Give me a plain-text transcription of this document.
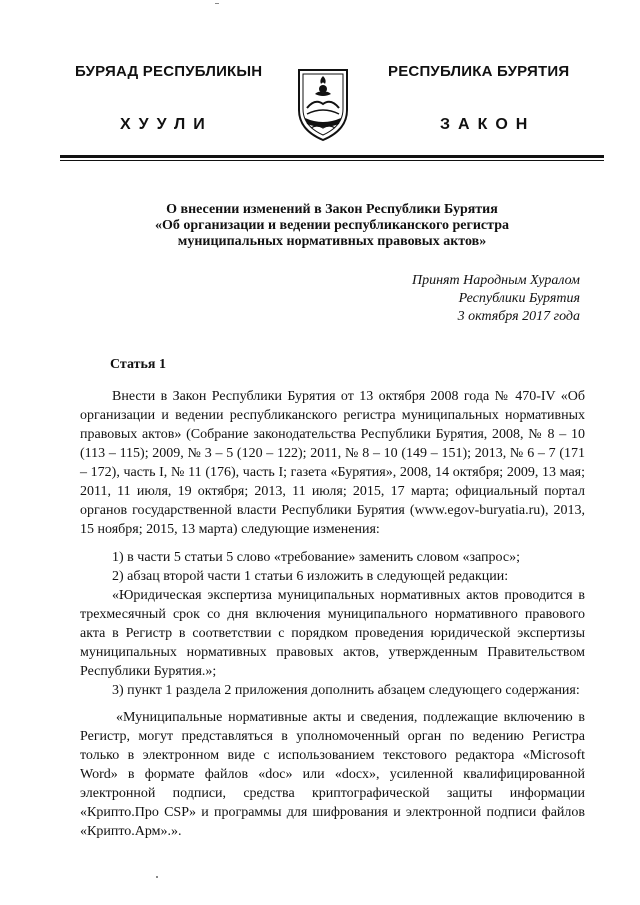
БУРЯАД РЕСПУБЛИКЫН	РЕСПУБЛИКА БУРЯТИЯ
ХУУЛИ	ЗАКОН
О внесении изменений в Закон Республики Бурятия
«Об организации и ведении республиканского регистра
муниципальных нормативных правовых актов»
Принят Народным Хуралом
Республики Бурятия
3 октября 2017 года
Статья 1
Внести в Закон Республики Бурятия от 13 октября 2008 года № 470-IV «Об организации и ведении республиканского регистра муниципальных нормативных правовых актов» (Собрание законодательства Республики Бурятия, 2008, № 8 – 10 (113 – 115); 2009, № 3 – 5 (120 – 122); 2011, № 8 – 10 (149 – 151); 2013, № 6 – 7 (171 – 172), часть I, № 11 (176), часть I; газета «Бурятия», 2008, 14 октября; 2009, 13 мая; 2011, 11 июля, 19 октября; 2013, 11 июля; 2015, 17 марта; официальный портал органов государственной власти Республики Бурятия (www.egov-buryatia.ru), 2013, 15 ноября; 2015, 13 марта) следующие изменения:
1) в части 5 статьи 5 слово «требование» заменить словом «запрос»;
2) абзац второй части 1 статьи 6 изложить в следующей редакции:
«Юридическая экспертиза муниципальных нормативных актов проводится в трехмесячный срок со дня включения муниципального нормативного правового акта в Регистр в соответствии с порядком проведения юридической экспертизы муниципальных нормативных правовых актов, утвержденным Правительством Республики Бурятия.»;
3) пункт 1 раздела 2 приложения дополнить абзацем следующего содержания:
«Муниципальные нормативные акты и сведения, подлежащие включению в Регистр, могут представляться в уполномоченный орган по ведению Регистра только в электронном виде с использованием текстового редактора «Microsoft Word» в формате файлов «doc» или «docx», усиленной квалифицированной электронной подписи, средства криптографической защиты информации «Крипто.Про CSP» и программы для шифрования и электронной подписи файлов «Крипто.Арм».».
